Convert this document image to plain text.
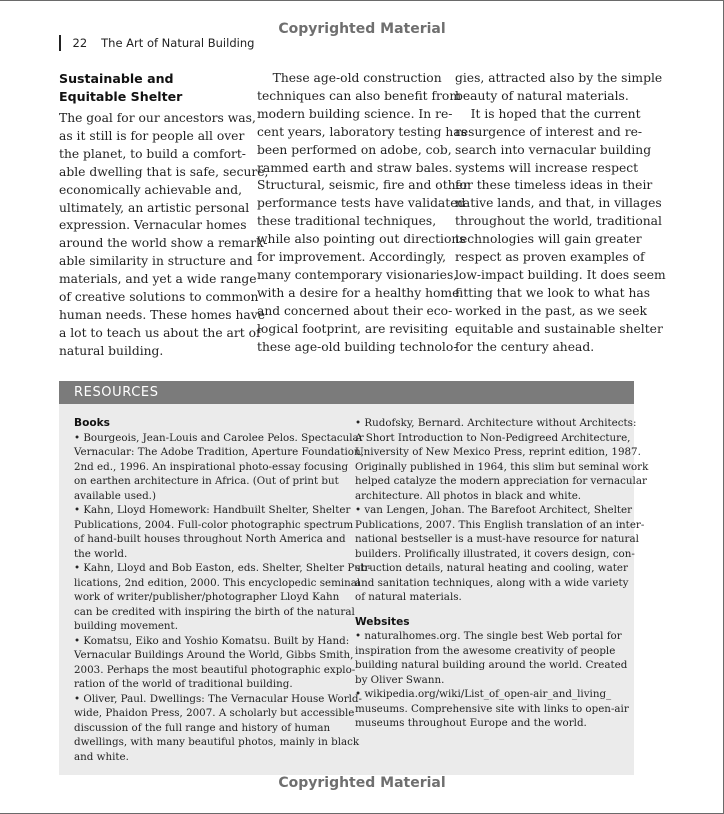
Copyrighted Material
22 The Art of Natural Building
Sustainable and
Equitable Shelter
The goal for our ancestors was,
as it still is for people all over
the planet, to build a comfort-
able dwelling that is safe, secure,
economically achievable and,
ultimately, an artistic personal
expression. Vernacular homes
around the world show a remark-
able similarity in structure and
materials, and yet a wide range
of creative solutions to common
human needs. These homes have
a lot to teach us about the art of
natural building.
These age-old construction
techniques can also benefit from
modern building science. In re-
cent years, laboratory testing has
been performed on adobe, cob,
rammed earth and straw bales.
Structural, seismic, fire and other
performance tests have validated
these traditional techniques,
while also pointing out directions
for improvement. Accordingly,
many contemporary visionaries,
with a desire for a healthy home
and concerned about their eco-
logical footprint, are revisiting
these age-old building technolo-
gies, attracted also by the simple
beauty of natural materials.
It is hoped that the current
resurgence of interest and re-
search into vernacular building
systems will increase respect
for these timeless ideas in their
native lands, and that, in villages
throughout the world, traditional
technologies will gain greater
respect as proven examples of
low-impact building. It does seem
fitting that we look to what has
worked in the past, as we seek
equitable and sustainable shelter
for the century ahead.
RESOURCES
Books
• Bourgeois, Jean-Louis and Carolee Pelos. Spectacular
Vernacular: The Adobe Tradition, Aperture Foundation,
2nd ed., 1996. An inspirational photo-essay focusing
on earthen architecture in Africa. (Out of print but
available used.)
• Kahn, Lloyd Homework: Handbuilt Shelter, Shelter
Publications, 2004. Full-color photographic spectrum
of hand-built houses throughout North America and
the world.
• Kahn, Lloyd and Bob Easton, eds. Shelter, Shelter Pub-
lications, 2nd edition, 2000. This encyclopedic seminal
work of writer/publisher/photographer Lloyd Kahn
can be credited with inspiring the birth of the natural
building movement.
• Komatsu, Eiko and Yoshio Komatsu. Built by Hand:
Vernacular Buildings Around the World, Gibbs Smith,
2003. Perhaps the most beautiful photographic explo-
ration of the world of traditional building.
• Oliver, Paul. Dwellings: The Vernacular House World-
wide, Phaidon Press, 2007. A scholarly but accessible
discussion of the full range and history of human
dwellings, with many beautiful photos, mainly in black
and white.
• Rudofsky, Bernard. Architecture without Architects:
A Short Introduction to Non-Pedigreed Architecture,
University of New Mexico Press, reprint edition, 1987.
Originally published in 1964, this slim but seminal work
helped catalyze the modern appreciation for vernacular
architecture. All photos in black and white.
• van Lengen, Johan. The Barefoot Architect, Shelter
Publications, 2007. This English translation of an inter-
national bestseller is a must-have resource for natural
builders. Prolifically illustrated, it covers design, con-
struction details, natural heating and cooling, water
and sanitation techniques, along with a wide variety
of natural materials.
Websites
• naturalhomes.org. The single best Web portal for
inspiration from the awesome creativity of people
building natural building around the world. Created
by Oliver Swann.
• wikipedia.org/wiki/List_of_open-air_and_living_
museums. Comprehensive site with links to open-air
museums throughout Europe and the world.
Copyrighted Material
